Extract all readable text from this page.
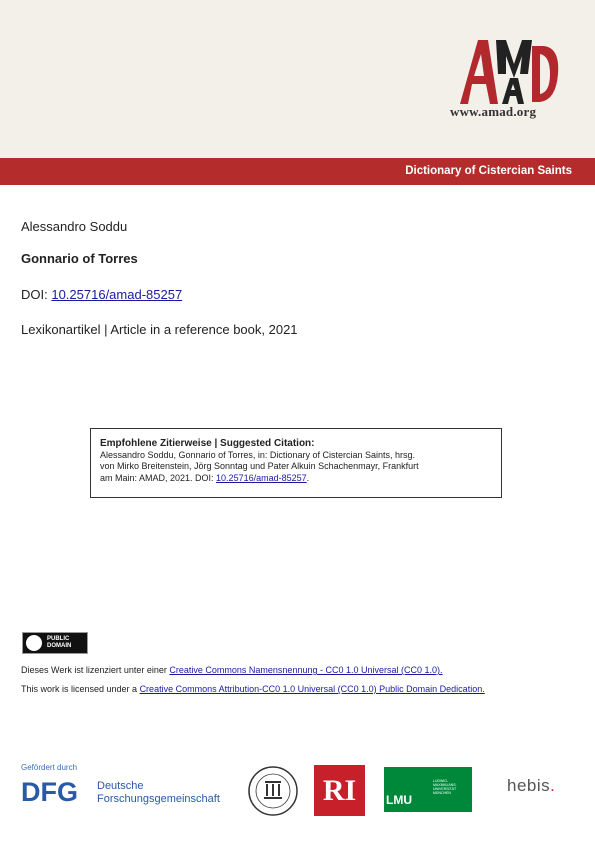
www.amad.org
Dictionary of Cistercian Saints
Alessandro Soddu
Gonnario of Torres
DOI: 10.25716/amad-85257
Lexikonartikel | Article in a reference book, 2021
Empfohlene Zitierweise | Suggested Citation:
Alessandro Soddu, Gonnario of Torres, in: Dictionary of Cistercian Saints, hrsg.
von Mirko Breitenstein, Jörg Sonntag und Pater Alkuin Schachenmayr, Frankfurt
am Main: AMAD, 2021. DOI: 10.25716/amad-85257.
PUBLIC
DOMAIN
Dieses Werk ist lizenziert unter einer Creative Commons Namensnennung - CC0 1.0 Universal (CC0 1.0).
This work is licensed under a Creative Commons Attribution-CC0 1.0 Universal (CC0 1.0) Public Domain Dedication.
Gefördert durch
DFG Deutsche
Forschungsgemeinschaft	RI	LMU
LUDWIG-MAXIMILIANS-UNIVERSITÄT MÜNCHEN	hebis.
